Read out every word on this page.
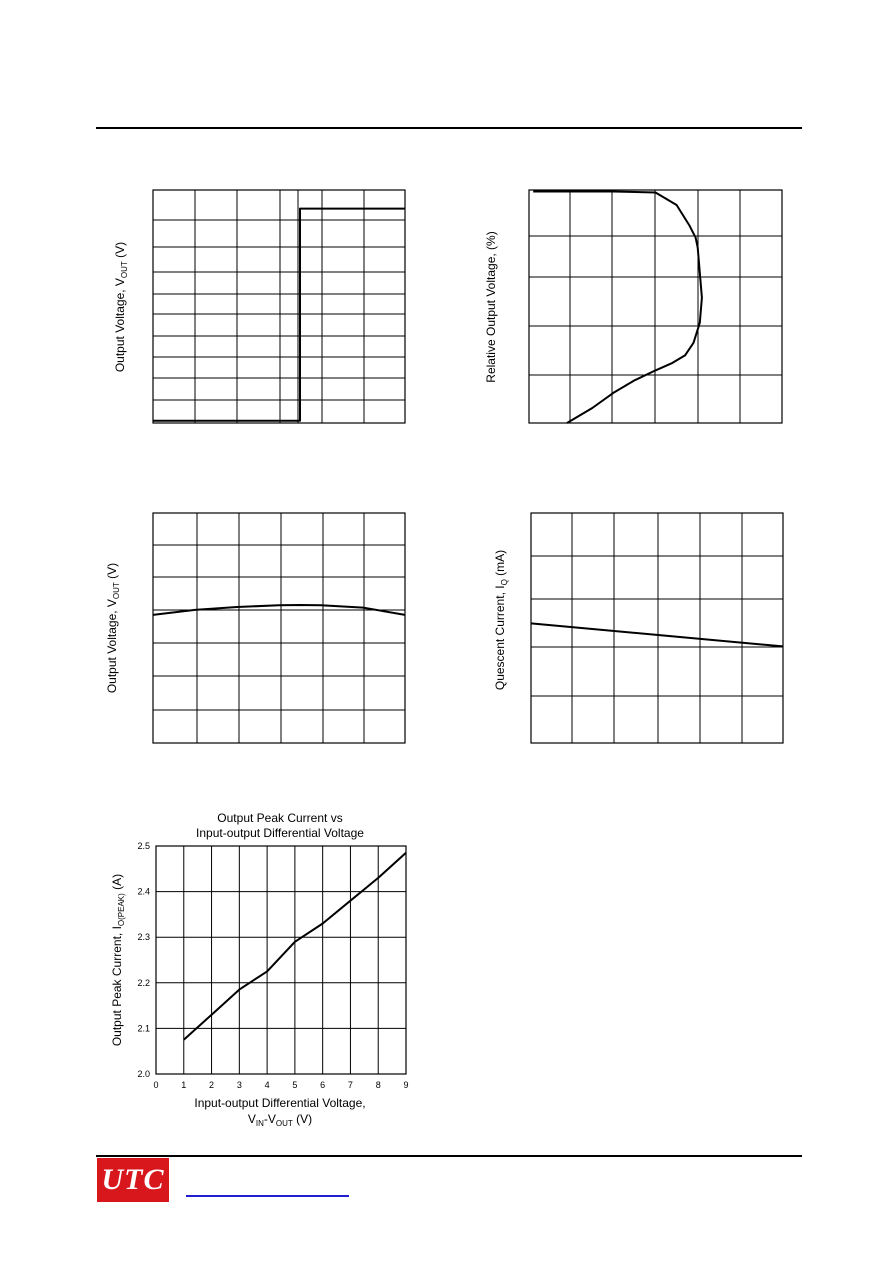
Output Voltage, $V_{OUT}$ (V)	Relative Output Voltage, (%)
Output Voltage, $V_{OUT}$ (V)
Quescent Current, $I_Q$ (mA)
Output Peak Current vs
Input-output Differential Voltage
0	1	2	3	4	5	6	7	8	9
2.0
2.1
2.2
2.3
2.4
2.5
Output Peak Current, $I_{O(PEAK)}$ (A)
Input-output Differential Voltage,
$V_{IN}-V_{OUT}$ (V)
UTC
